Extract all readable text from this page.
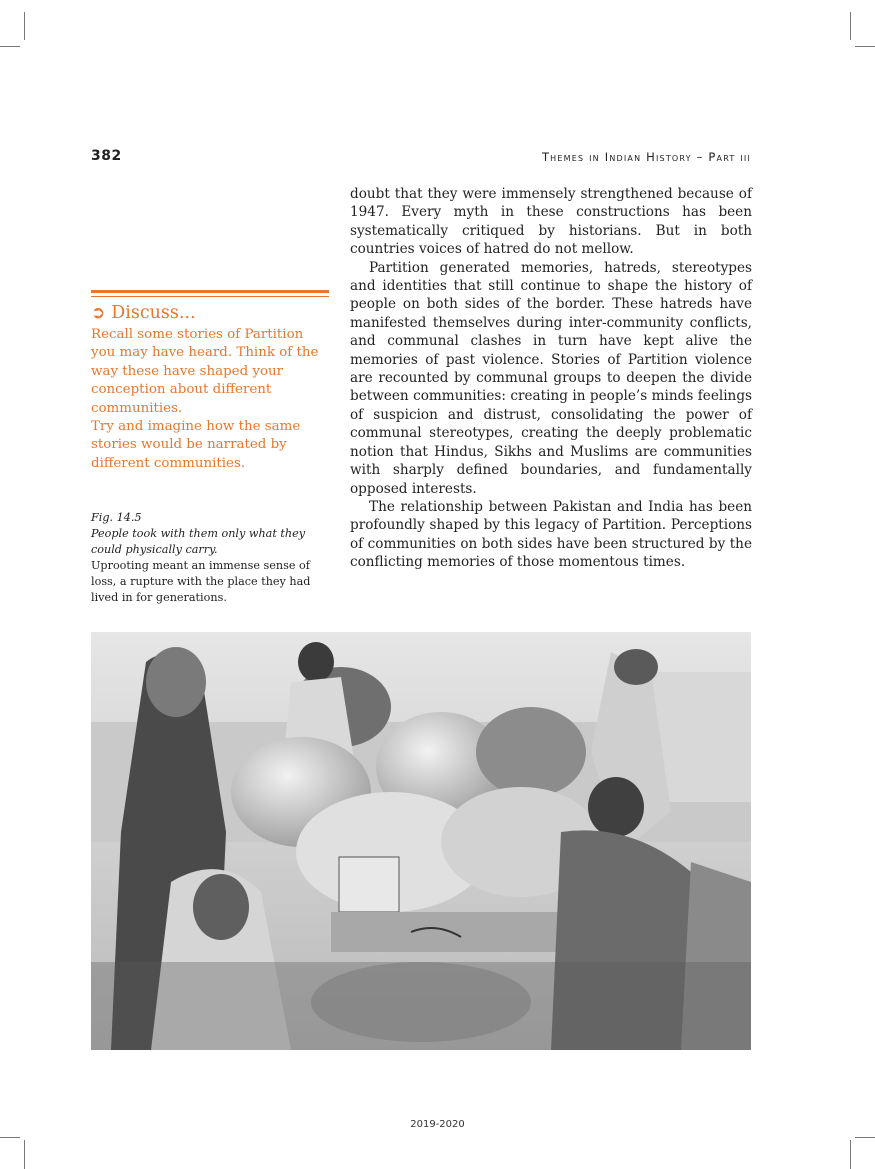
382	Themes in Indian History – Part iii

doubt that they were immensely strengthened because of 1947. Every myth in these constructions has been systematically critiqued by historians. But in both countries voices of hatred do not mellow.

Partition generated memories, hatreds, stereotypes and identities that still continue to shape the history of people on both sides of the border. These hatreds have manifested themselves during inter-community conflicts, and communal clashes in turn have kept alive the memories of past violence. Stories of Partition violence are recounted by communal groups to deepen the divide between communities: creating in people’s minds feelings of suspicion and distrust, consolidating the power of communal stereotypes, creating the deeply problematic notion that Hindus, Sikhs and Muslims are communities with sharply defined boundaries, and fundamentally opposed interests.

The relationship between Pakistan and India has been profoundly shaped by this legacy of Partition. Perceptions of communities on both sides have been structured by the conflicting memories of those momentous times.

➲ Discuss...

Recall some stories of Partition you may have heard. Think of the way these have shaped your conception about different communities.

Try and imagine how the same stories would be narrated by different communities.

Fig. 14.5

People took with them only what they could physically carry.

Uprooting meant an immense sense of loss, a rupture with the place they had lived in for generations.

2019-2020
